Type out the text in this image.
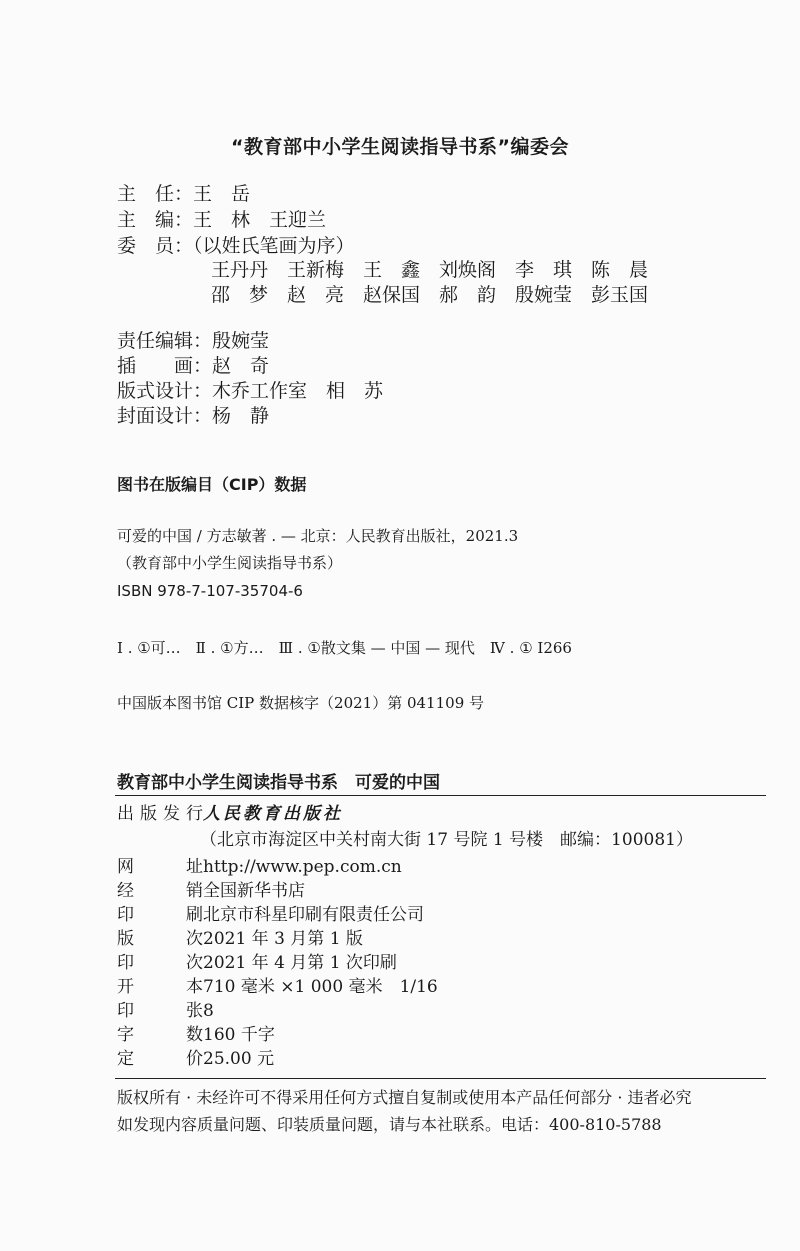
“教育部中小学生阅读指导书系”编委会
主　任：王　岳
主　编：王　林　王迎兰
委　员：（以姓氏笔画为序）
王丹丹　王新梅　王　鑫　刘焕阁　李　琪　陈　晨
邵　梦　赵　亮　赵保国　郝　韵　殷婉莹　彭玉国
责任编辑：殷婉莹
插　　画：赵　奇
版式设计：木乔工作室　相　苏
封面设计：杨　静
图书在版编目（CIP）数据
可爱的中国 / 方志敏著 . — 北京：人民教育出版社，2021.3
（教育部中小学生阅读指导书系）
ISBN 978-7-107-35704-6
Ⅰ . ①可…　Ⅱ . ①方…　Ⅲ . ①散文集 — 中国 — 现代　Ⅳ . ① I266
中国版本图书馆 CIP 数据核字（2021）第 041109 号
教育部中小学生阅读指导书系　可爱的中国
出版发行人民教育出版社
（北京市海淀区中关村南大街 17 号院 1 号楼　邮编：100081）
网　址http://www.pep.com.cn
经　销全国新华书店
印　刷北京市科星印刷有限责任公司
版　次2021 年 3 月第 1 版
印　次2021 年 4 月第 1 次印刷
开　本710 毫米 ×1 000 毫米　1/16
印　张8
字　数160 千字
定　价25.00 元
版权所有 · 未经许可不得采用任何方式擅自复制或使用本产品任何部分 · 违者必究
如发现内容质量问题、印装质量问题，请与本社联系。电话：400-810-5788
